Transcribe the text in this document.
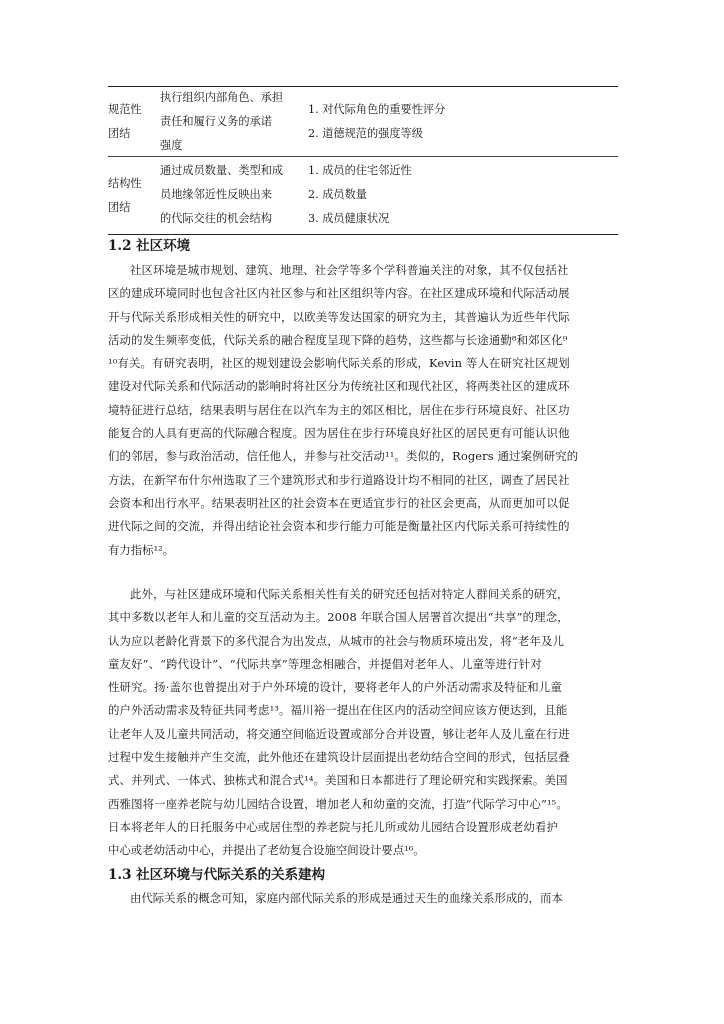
规范性
团结
执行组织内部角色、承担
责任和履行义务的承诺
强度
1. 对代际角色的重要性评分
2. 道德规范的强度等级
结构性
团结
通过成员数量、类型和成
员地缘邻近性反映出来
的代际交往的机会结构
1. 成员的住宅邻近性
2. 成员数量
3. 成员健康状况
1.2 社区环境
社区环境是城市规划、建筑、地理、社会学等多个学科普遍关注的对象，其不仅包括社
区的建成环境同时也包含社区内社区参与和社区组织等内容。在社区建成环境和代际活动展
开与代际关系形成相关性的研究中，以欧美等发达国家的研究为主，其普遍认为近些年代际
活动的发生频率变低，代际关系的融合程度呈现下降的趋势，这些都与长途通勤⁸和郊区化⁹
¹⁰有关。有研究表明，社区的规划建设会影响代际关系的形成，Kevin 等人在研究社区规划
建设对代际关系和代际活动的影响时将社区分为传统社区和现代社区，将两类社区的建成环
境特征进行总结，结果表明与居住在以汽车为主的郊区相比，居住在步行环境良好、社区功
能复合的人具有更高的代际融合程度。因为居住在步行环境良好社区的居民更有可能认识他
们的邻居，参与政治活动，信任他人，并参与社交活动¹¹。类似的，Rogers 通过案例研究的
方法，在新罕布什尔州选取了三个建筑形式和步行道路设计均不相同的社区，调查了居民社
会资本和出行水平。结果表明社区的社会资本在更适宜步行的社区会更高，从而更加可以促
进代际之间的交流，并得出结论社会资本和步行能力可能是衡量社区内代际关系可持续性的
有力指标¹²。
此外，与社区建成环境和代际关系相关性有关的研究还包括对特定人群间关系的研究，
其中多数以老年人和儿童的交互活动为主。2008 年联合国人居署首次提出“共享”的理念，
认为应以老龄化背景下的多代混合为出发点，从城市的社会与物质环境出发，将“老年及儿
童友好”、“跨代设计”、“代际共享”等理念相融合，并提倡对老年人、儿童等进行针对
性研究。扬·盖尔也曾提出对于户外环境的设计，要将老年人的户外活动需求及特征和儿童
的户外活动需求及特征共同考虑¹³。福川裕一提出在住区内的活动空间应该方便达到，且能
让老年人及儿童共同活动，将交通空间临近设置或部分合并设置，够让老年人及儿童在行进
过程中发生接触并产生交流，此外他还在建筑设计层面提出老幼结合空间的形式，包括层叠
式、并列式、一体式、独栋式和混合式¹⁴。美国和日本都进行了理论研究和实践探索。美国
西雅图将一座养老院与幼儿园结合设置，增加老人和幼童的交流，打造“代际学习中心”¹⁵。
日本将老年人的日托服务中心或居住型的养老院与托儿所或幼儿园结合设置形成老幼看护
中心或老幼活动中心，并提出了老幼复合设施空间设计要点¹⁶。
1.3 社区环境与代际关系的关系建构
由代际关系的概念可知，家庭内部代际关系的形成是通过天生的血缘关系形成的，而本
